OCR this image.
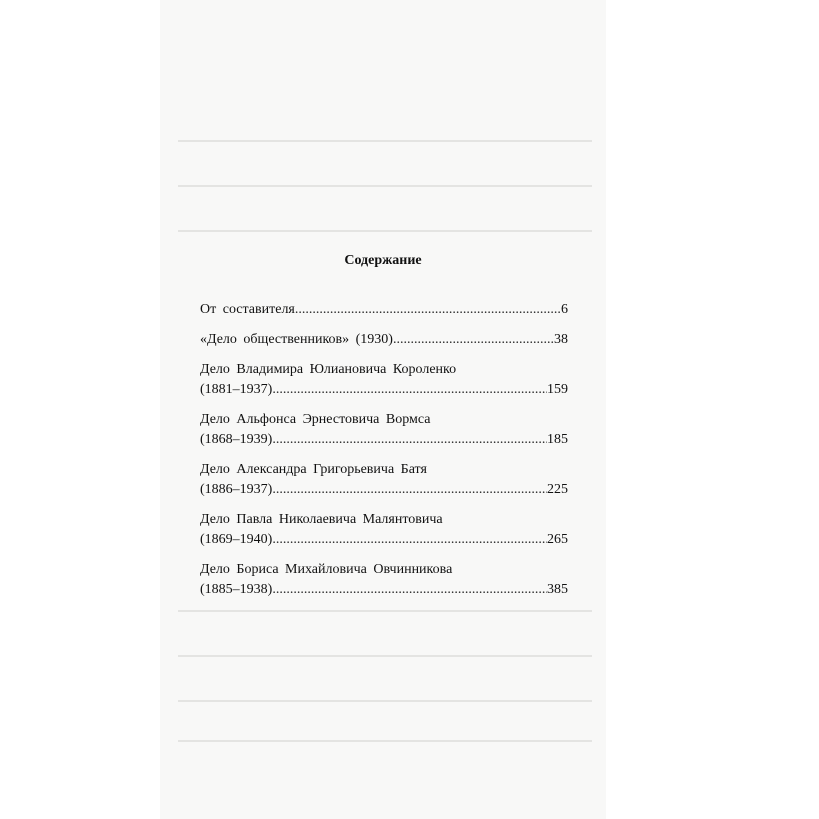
Содержание
От составителя .....	6
«Дело общественников» (1930) .....	38
Дело Владимира Юлиановича Короленко
(1881–1937) .....	159
Дело Альфонса Эрнестовича Вормса
(1868–1939) .....	185
Дело Александра Григорьевича Батя
(1886–1937) .....	225
Дело Павла Николаевича Малянтовича
(1869–1940) .....	265
Дело Бориса Михайловича Овчинникова
(1885–1938) .....	385
